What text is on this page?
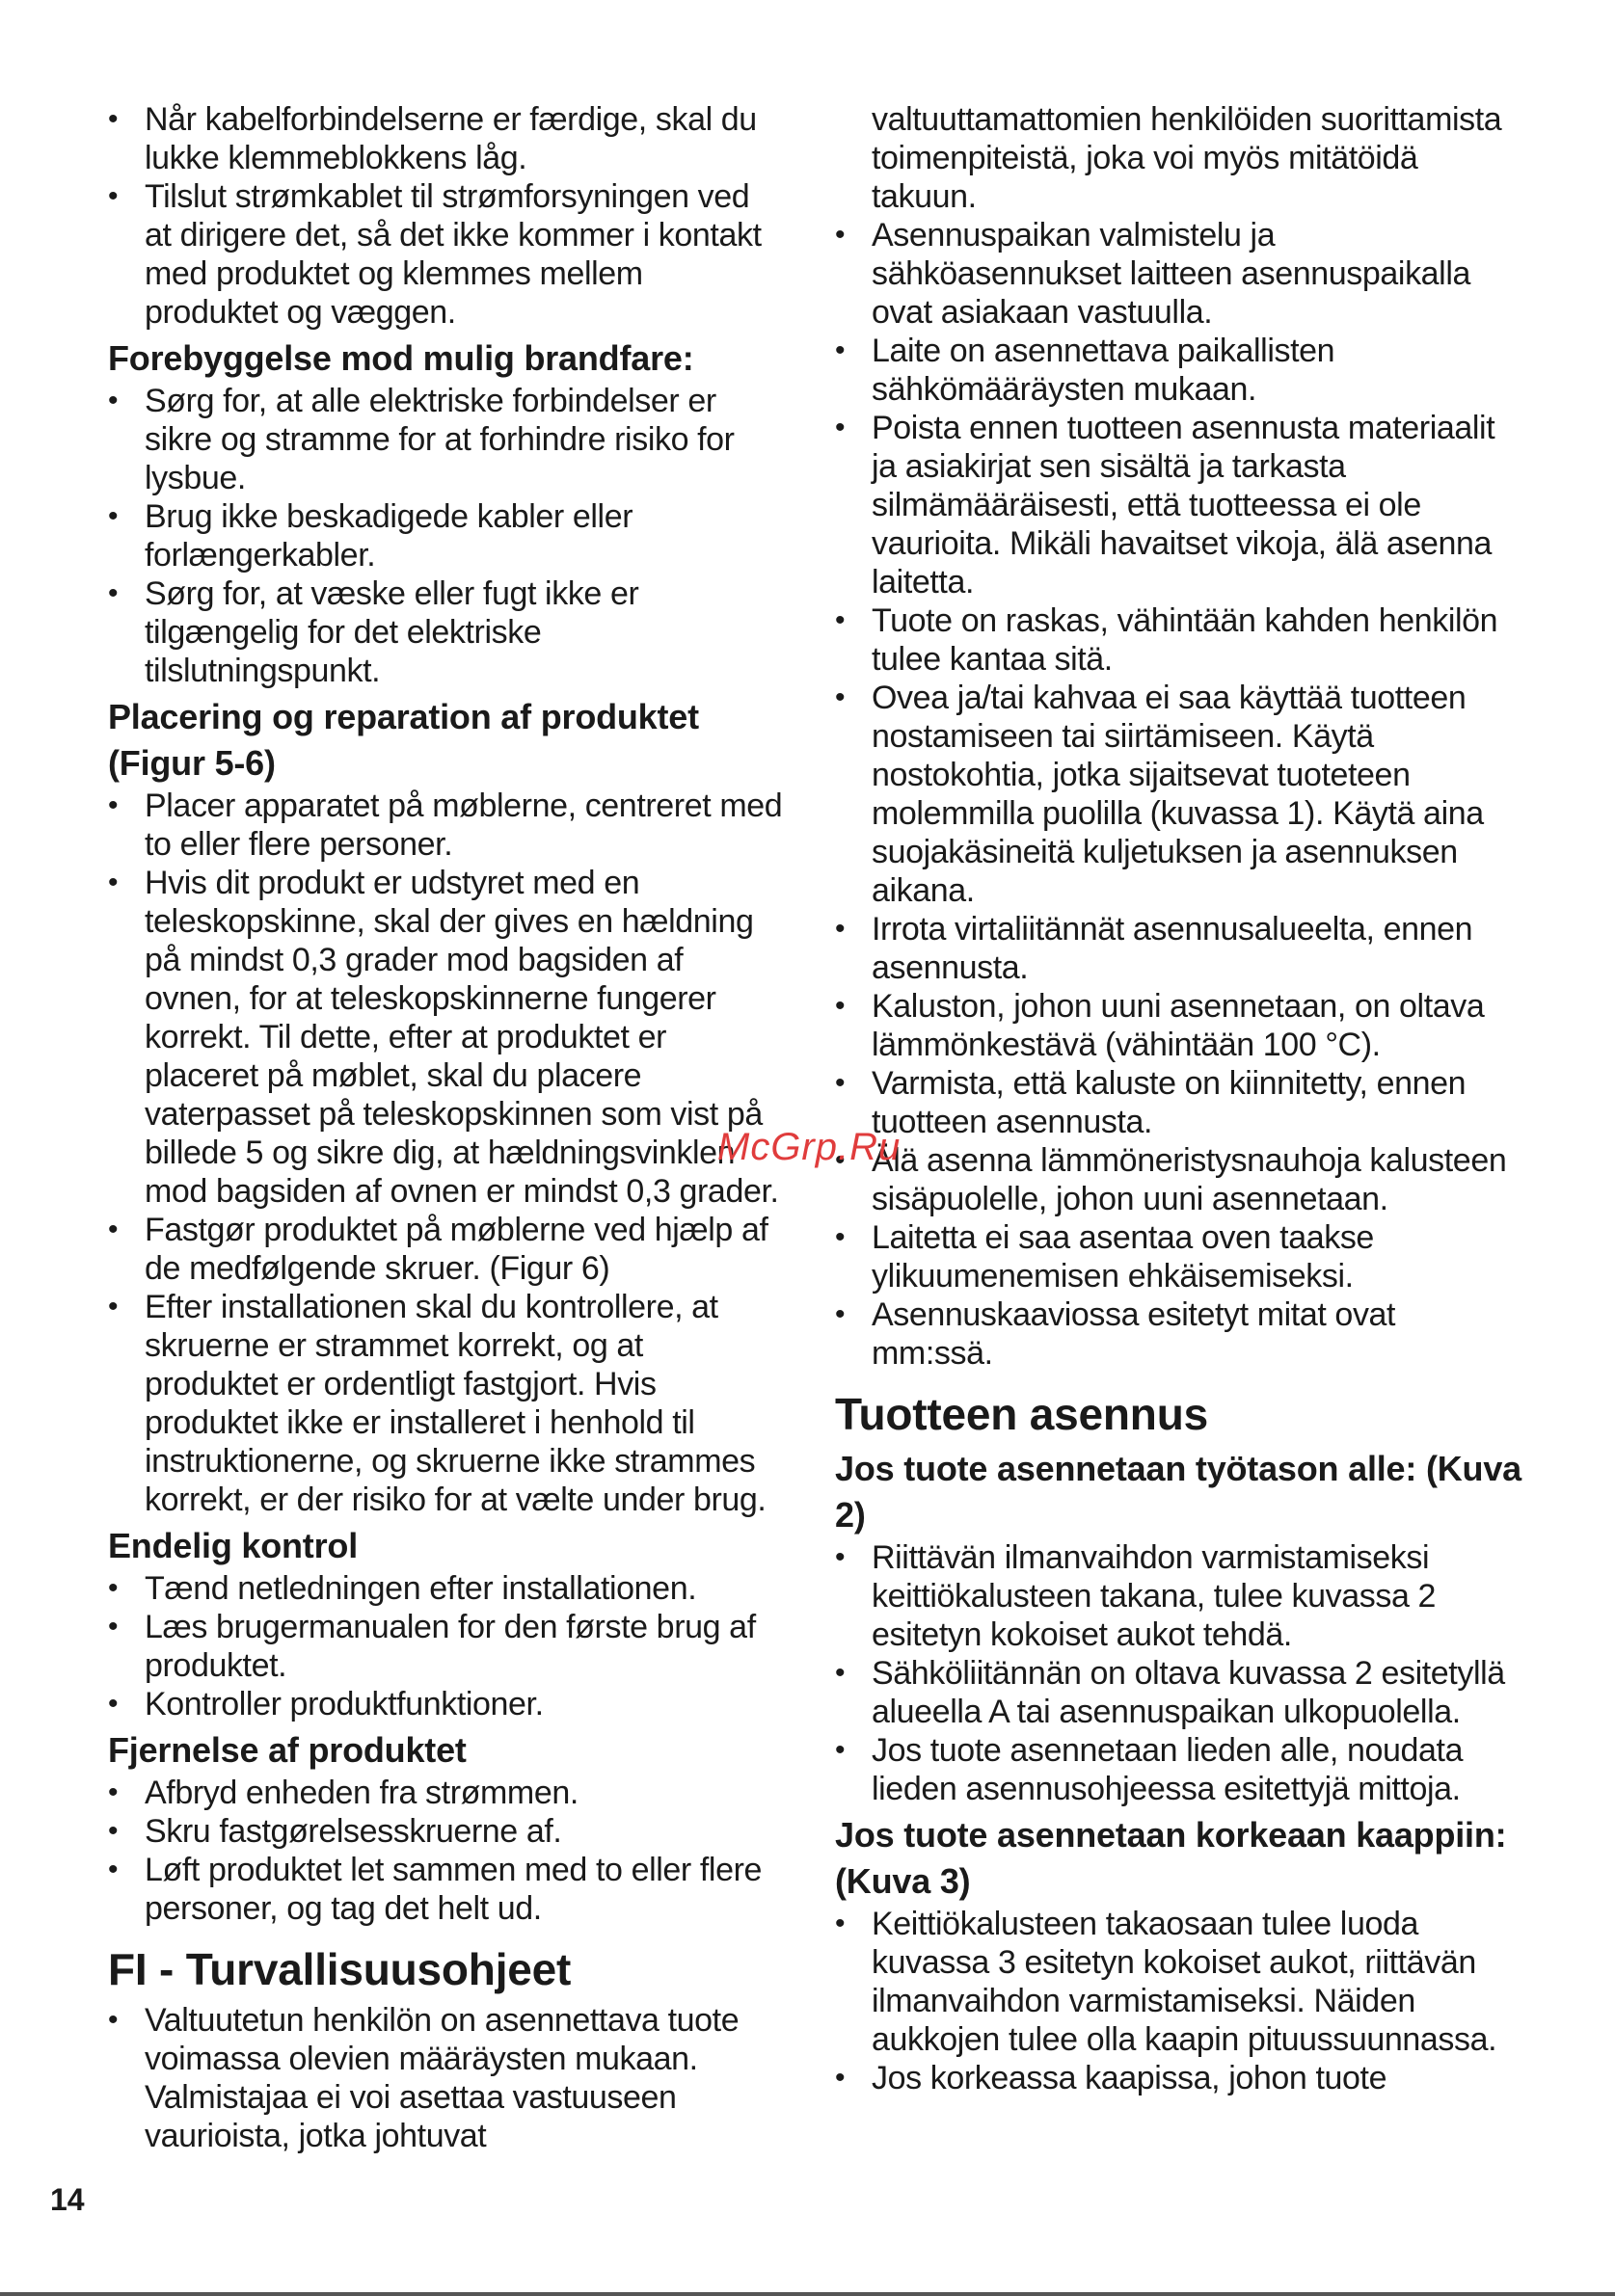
• Når kabelforbindelserne er færdige, skal du lukke klemmeblokkens låg.
• Tilslut strømkablet til strømforsyningen ved at dirigere det, så det ikke kommer i kontakt med produktet og klemmes mellem produktet og væggen.
Forebyggelse mod mulig brandfare:
• Sørg for, at alle elektriske forbindelser er sikre og stramme for at forhindre risiko for lysbue.
• Brug ikke beskadigede kabler eller forlængerkabler.
• Sørg for, at væske eller fugt ikke er tilgængelig for det elektriske tilslutningspunkt.
Placering og reparation af produktet (Figur 5-6)
• Placer apparatet på møblerne, centreret med to eller flere personer.
• Hvis dit produkt er udstyret med en teleskopskinne, skal der gives en hældning på mindst 0,3 grader mod bagsiden af ovnen, for at teleskopskinnerne fungerer korrekt. Til dette, efter at produktet er placeret på møblet, skal du placere vaterpasset på teleskopskinnen som vist på billede 5 og sikre dig, at hældningsvinklen mod bagsiden af ovnen er mindst 0,3 grader.
• Fastgør produktet på møblerne ved hjælp af de medfølgende skruer. (Figur 6)
• Efter installationen skal du kontrollere, at skruerne er strammet korrekt, og at produktet er ordentligt fastgjort. Hvis produktet ikke er installeret i henhold til instruktionerne, og skruerne ikke strammes korrekt, er der risiko for at vælte under brug.
Endelig kontrol
• Tænd netledningen efter installationen.
• Læs brugermanualen for den første brug af produktet.
• Kontroller produktfunktioner.
Fjernelse af produktet
• Afbryd enheden fra strømmen.
• Skru fastgørelsesskruerne af.
• Løft produktet let sammen med to eller flere personer, og tag det helt ud.
FI - Turvallisuusohjeet
• Valtuutetun henkilön on asennettava tuote voimassa olevien määräysten mukaan. Valmistajaa ei voi asettaa vastuuseen vaurioista, jotka johtuvat
valtuuttamattomien henkilöiden suorittamista toimenpiteistä, joka voi myös mitätöidä takuun.
• Asennuspaikan valmistelu ja sähköasennukset laitteen asennuspaikalla ovat asiakaan vastuulla.
• Laite on asennettava paikallisten sähkömääräysten mukaan.
• Poista ennen tuotteen asennusta materiaalit ja asiakirjat sen sisältä ja tarkasta silmämääräisesti, että tuotteessa ei ole vaurioita. Mikäli havaitset vikoja, älä asenna laitetta.
• Tuote on raskas, vähintään kahden henkilön tulee kantaa sitä.
• Ovea ja/tai kahvaa ei saa käyttää tuotteen nostamiseen tai siirtämiseen. Käytä nostokohtia, jotka sijaitsevat tuoteteen molemmilla puolilla (kuvassa 1). Käytä aina suojakäsineitä kuljetuksen ja asennuksen aikana.
• Irrota virtaliitännät asennusalueelta, ennen asennusta.
• Kaluston, johon uuni asennetaan, on oltava lämmönkestävä (vähintään 100 °C).
• Varmista, että kaluste on kiinnitetty, ennen tuotteen asennusta.
• Älä asenna lämmöneristysnauhoja kalusteen sisäpuolelle, johon uuni asennetaan.
• Laitetta ei saa asentaa oven taakse ylikuumenemisen ehkäisemiseksi.
• Asennuskaaviossa esitetyt mitat ovat mm:ssä.
Tuotteen asennus
Jos tuote asennetaan työtason alle: (Kuva 2)
• Riittävän ilmanvaihdon varmistamiseksi keittiökalusteen takana, tulee kuvassa 2 esitetyn kokoiset aukot tehdä.
• Sähköliitännän on oltava kuvassa 2 esitetyllä alueella A tai asennuspaikan ulkopuolella.
• Jos tuote asennetaan lieden alle, noudata lieden asennusohjeessa esitettyjä mittoja.
Jos tuote asennetaan korkeaan kaappiin: (Kuva 3)
• Keittiökalusteen takaosaan tulee luoda kuvassa 3 esitetyn kokoiset aukot, riittävän ilmanvaihdon varmistamiseksi. Näiden aukkojen tulee olla kaapin pituussuunnassa.
• Jos korkeassa kaapissa, johon tuote
14
McGrp.Ru
